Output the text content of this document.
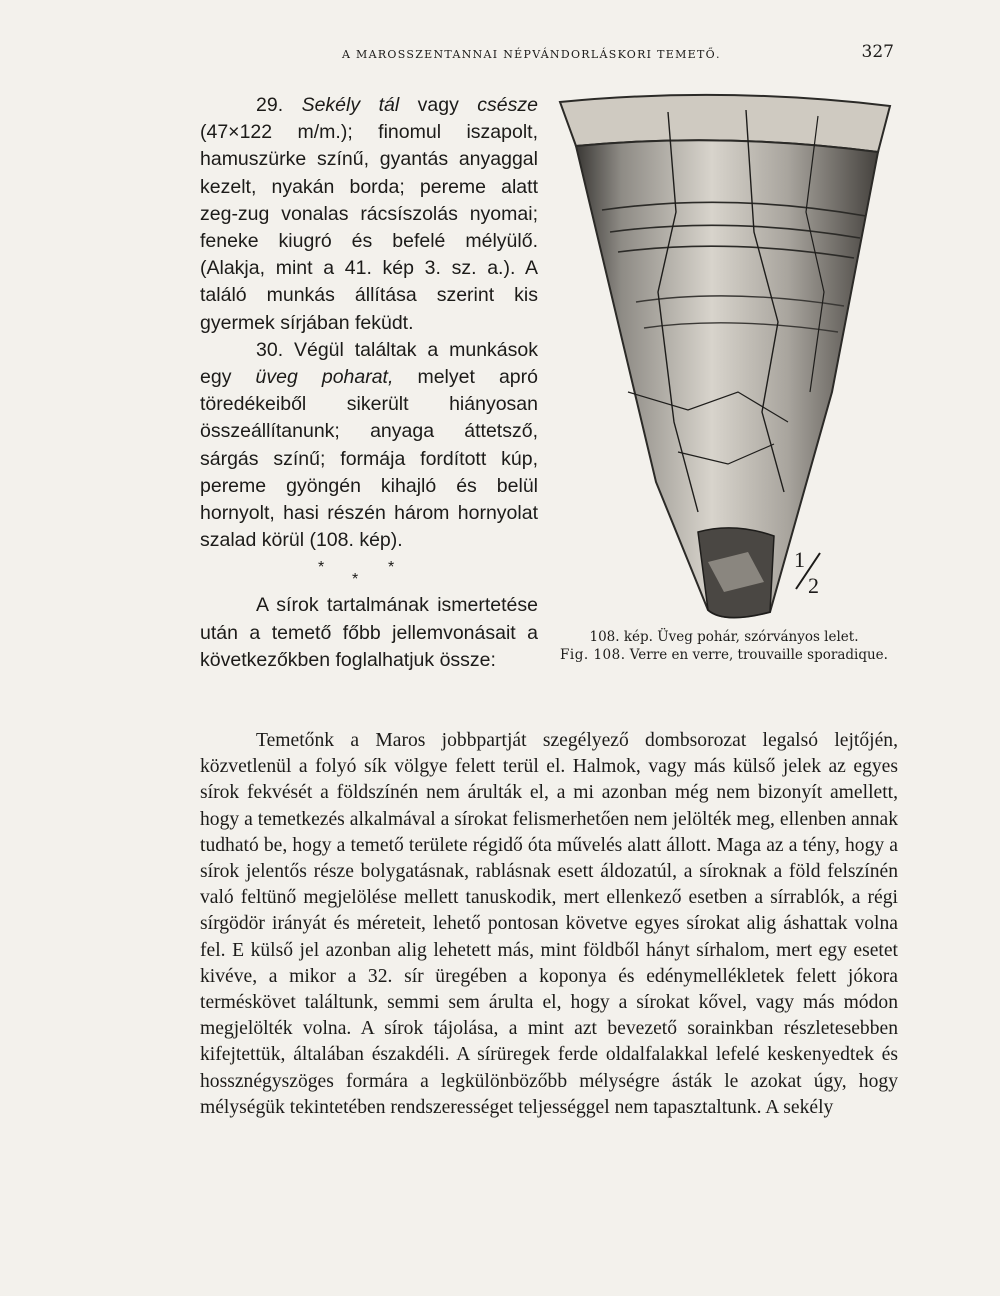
A MAROSSZENTANNAI NÉPVÁNDORLÁSKORI TEMETŐ.	327

29. Sekély tál vagy csésze (47×122 m/m.); finomul iszapolt, hamuszürke színű, gyantás anyaggal kezelt, nyakán borda; pereme alatt zeg-zug vonalas rácsíszolás nyomai; feneke kiugró és befelé mélyülő. (Alakja, mint a 41. kép 3. sz. a.). A találó munkás állítása szerint kis gyermek sírjában feküdt.

30. Végül találtak a munkások egy üveg poharat, melyet apró töredékeiből sikerült hiányosan összeállítanunk; anyaga áttetsző, sárgás színű; formája fordított kúp, pereme gyöngén kihajló és belül hornyolt, hasi részén három hornyolat szalad körül (108. kép).

*	*
*

A sírok tartalmának ismertetése után a temető főbb jellemvonásait a következőkben foglalhatjuk össze:

1
2
108. kép. Üveg pohár, szórványos lelet.
Fig. 108. Verre en verre, trouvaille sporadique.

Temetőnk a Maros jobbpartját szegélyező dombsorozat legalsó lejtőjén, közvetlenül a folyó sík völgye felett terül el. Halmok, vagy más külső jelek az egyes sírok fekvését a földszínén nem árulták el, a mi azonban még nem bizonyít amellett, hogy a temetkezés alkalmával a sírokat felismerhetően nem jelölték meg, ellenben annak tudható be, hogy a temető területe régidő óta művelés alatt állott. Maga az a tény, hogy a sírok jelentős része bolygatásnak, rablásnak esett áldozatúl, a síroknak a föld felszínén való feltünő megjelölése mellett tanuskodik, mert ellenkező esetben a sírrablók, a régi sírgödör irányát és méreteit, lehető pontosan követve egyes sírokat alig áshattak volna fel. E külső jel azonban alig lehetett más, mint földből hányt sírhalom, mert egy esetet kivéve, a mikor a 32. sír üregében a koponya és edénymellékletek felett jókora terméskövet találtunk, semmi sem árulta el, hogy a sírokat kővel, vagy más módon megjelölték volna. A sírok tájolása, a mint azt bevezető sorainkban részletesebben kifejtettük, általában északdéli. A sírüregek ferde oldalfalakkal lefelé keskenyedtek és hossznégyszöges formára a legkülönbözőbb mélységre ásták le azokat úgy, hogy mélységük tekintetében rendszerességet teljességgel nem tapasztaltunk. A sekély
